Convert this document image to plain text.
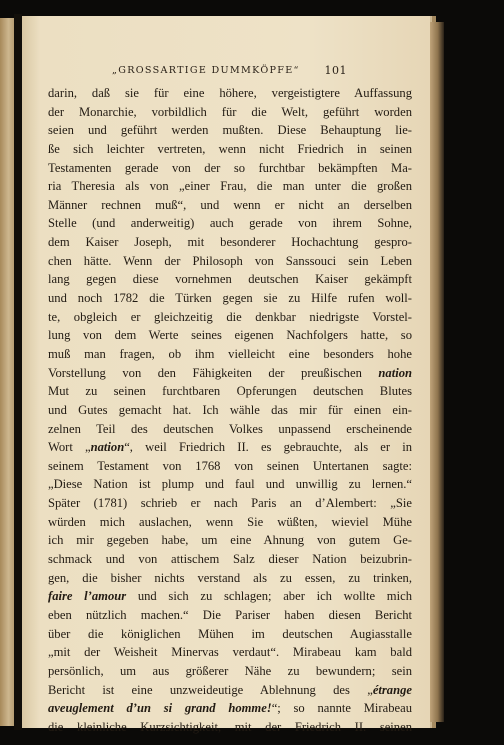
„GROSSARTIGE DUMMKÖPFE“ 101
darin, daß sie für eine höhere, vergeistigtere Auffassung
der Monarchie, vorbildlich für die Welt, geführt worden
seien und geführt werden mußten. Diese Behauptung lie-
ße sich leichter vertreten, wenn nicht Friedrich in seinen
Testamenten gerade von der so furchtbar bekämpften Ma-
ria Theresia als von „einer Frau, die man unter die großen
Männer rechnen muß“, und wenn er nicht an derselben
Stelle (und anderweitig) auch gerade von ihrem Sohne,
dem Kaiser Joseph, mit besonderer Hochachtung gespro-
chen hätte. Wenn der Philosoph von Sanssouci sein Leben
lang gegen diese vornehmen deutschen Kaiser gekämpft
und noch 1782 die Türken gegen sie zu Hilfe rufen woll-
te, obgleich er gleichzeitig die denkbar niedrigste Vorstel-
lung von dem Werte seines eigenen Nachfolgers hatte, so
muß man fragen, ob ihm vielleicht eine besonders hohe
Vorstellung von den Fähigkeiten der preußischen nation
Mut zu seinen furchtbaren Opferungen deutschen Blutes
und Gutes gemacht hat. Ich wähle das mir für einen ein-
zelnen Teil des deutschen Volkes unpassend erscheinende
Wort „nation“, weil Friedrich II. es gebrauchte, als er in
seinem Testament von 1768 von seinen Untertanen sagte:
„Diese Nation ist plump und faul und unwillig zu lernen.“
Später (1781) schrieb er nach Paris an d’Alembert: „Sie
würden mich auslachen, wenn Sie wüßten, wieviel Mühe
ich mir gegeben habe, um eine Ahnung von gutem Ge-
schmack und von attischem Salz dieser Nation beizubrin-
gen, die bisher nichts verstand als zu essen, zu trinken,
faire l’amour und sich zu schlagen; aber ich wollte mich
eben nützlich machen.“ Die Pariser haben diesen Bericht
über die königlichen Mühen im deutschen Augiasstalle
„mit der Weisheit Minervas verdaut“. Mirabeau kam bald
persönlich, um aus größerer Nähe zu bewundern; sein
Bericht ist eine unzweideutige Ablehnung des „étrange
aveuglement d’un si grand homme!“; so nannte Mirabeau
die kleinliche Kurzsichtigkeit, mit der Friedrich II. seinen
